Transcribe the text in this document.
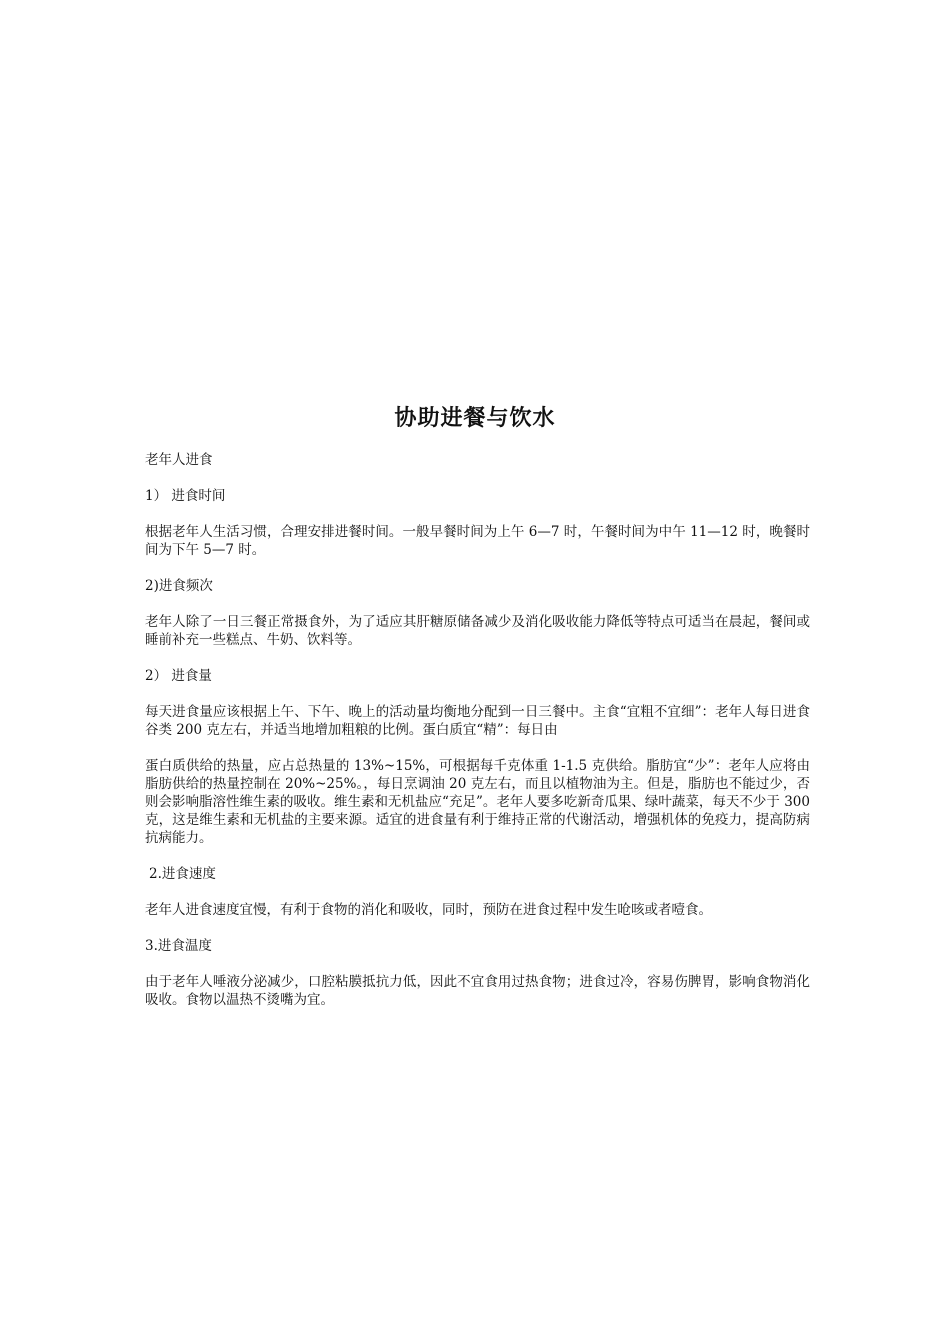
协助进餐与饮水
老年人进食
1） 进食时间
根据老年人生活习惯，合理安排进餐时间。一般早餐时间为上午 6—7 时，午餐时间为中午 11—12 时，晚餐时间为下午 5—7 时。
2)进食频次
老年人除了一日三餐正常摄食外，为了适应其肝糖原储备减少及消化吸收能力降低等特点可适当在晨起，餐间或睡前补充一些糕点、牛奶、饮料等。
2） 进食量
每天进食量应该根据上午、下午、晚上的活动量均衡地分配到一日三餐中。主食“宜粗不宜细”：老年人每日进食谷类 200 克左右，并适当地增加粗粮的比例。蛋白质宜“精”：每日由
蛋白质供给的热量，应占总热量的 13%~15%，可根据每千克体重 1-1.5 克供给。脂肪宜“少”：老年人应将由脂肪供给的热量控制在 20%~25%。，每日烹调油 20 克左右，而且以植物油为主。但是，脂肪也不能过少，否则会影响脂溶性维生素的吸收。维生素和无机盐应“充足”。老年人要多吃新奇瓜果、绿叶蔬菜，每天不少于 300 克，这是维生素和无机盐的主要来源。适宜的进食量有利于维持正常的代谢活动，增强机体的免疫力，提高防病抗病能力。
2.进食速度
老年人进食速度宜慢，有利于食物的消化和吸收，同时，预防在进食过程中发生呛咳或者噎食。
3.进食温度
由于老年人唾液分泌减少，口腔粘膜抵抗力低，因此不宜食用过热食物；进食过冷，容易伤脾胃，影响食物消化吸收。食物以温热不烫嘴为宜。
